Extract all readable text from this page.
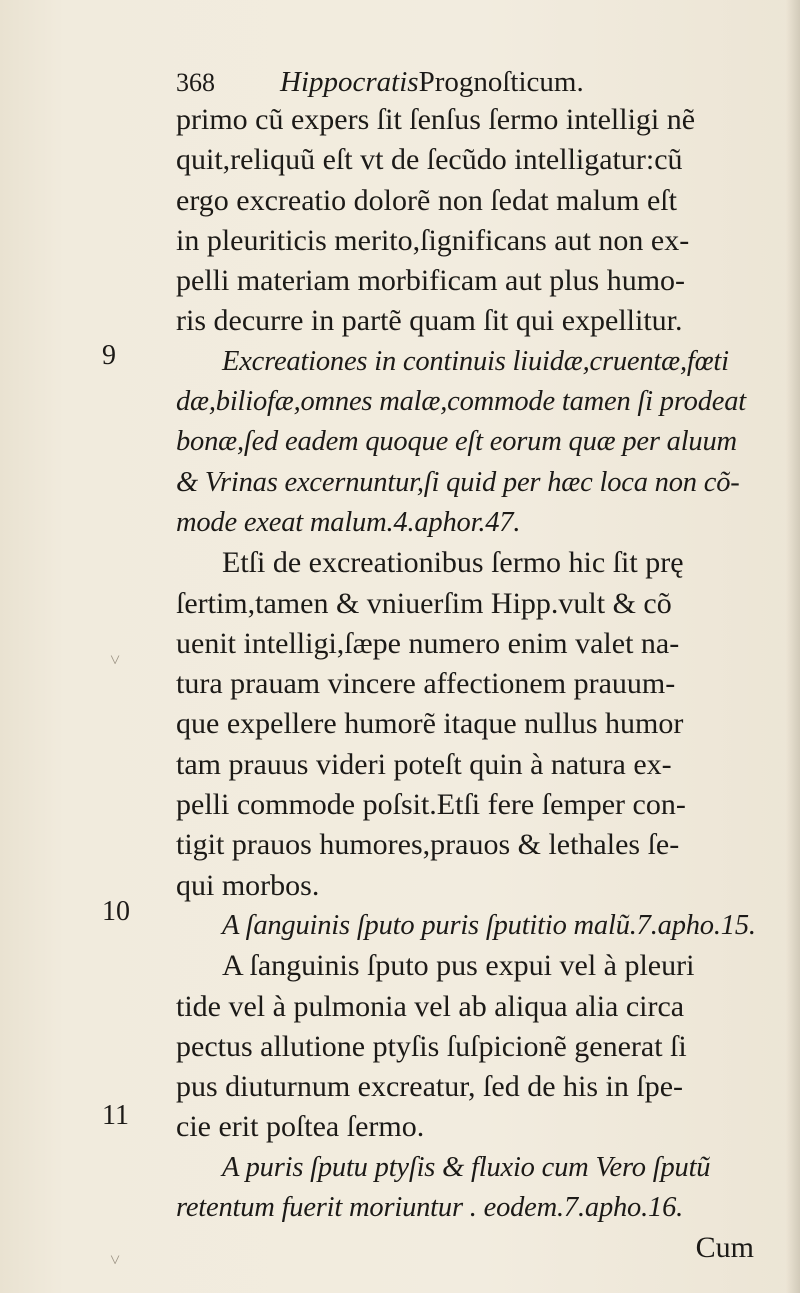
368 HippocratisPrognoſticum.
9
10
11
primo cũ expers ſit ſenſus ſermo intelligi nẽ
quit,reliquũ eſt vt de ſecũdo intelligatur:cũ
ergo excreatio dolorẽ non ſedat malum eſt
in pleuriticis merito,ſignificans aut non ex-
pelli materiam morbificam aut plus humo-
ris decurre in partẽ quam ſit qui expellitur.
Excreationes in continuis liuidæ,cruentæ,fœti
dæ,biliofæ,omnes malæ,commode tamen ſi prodeat
bonæ,ſed eadem quoque eſt eorum quæ per aluum
& Vrinas excernuntur,ſi quid per hæc loca non cõ-
mode exeat malum.4.aphor.47.
Etſi de excreationibus ſermo hic ſit prę
ſertim,tamen & vniuerſim Hipp.vult & cõ
uenit intelligi,ſæpe numero enim valet na-
tura prauam vincere affectionem prauum-
que expellere humorẽ itaque nullus humor
tam prauus videri poteſt quin à natura ex-
pelli commode poſsit.Etſi fere ſemper con-
tigit prauos humores,prauos & lethales ſe-
qui morbos.
A ſanguinis ſputo puris ſputitio malũ.7.apho.15.
A ſanguinis ſputo pus expui vel à pleuri
tide vel à pulmonia vel ab aliqua alia circa
pectus allutione ptyſis ſuſpicionẽ generat ſi
pus diuturnum excreatur, ſed de his in ſpe-
cie erit poſtea ſermo.
A puris ſputu ptyſis & fluxio cum Vero ſputũ
retentum fuerit moriuntur . eodem.7.apho.16.
Cum
˅
˅
